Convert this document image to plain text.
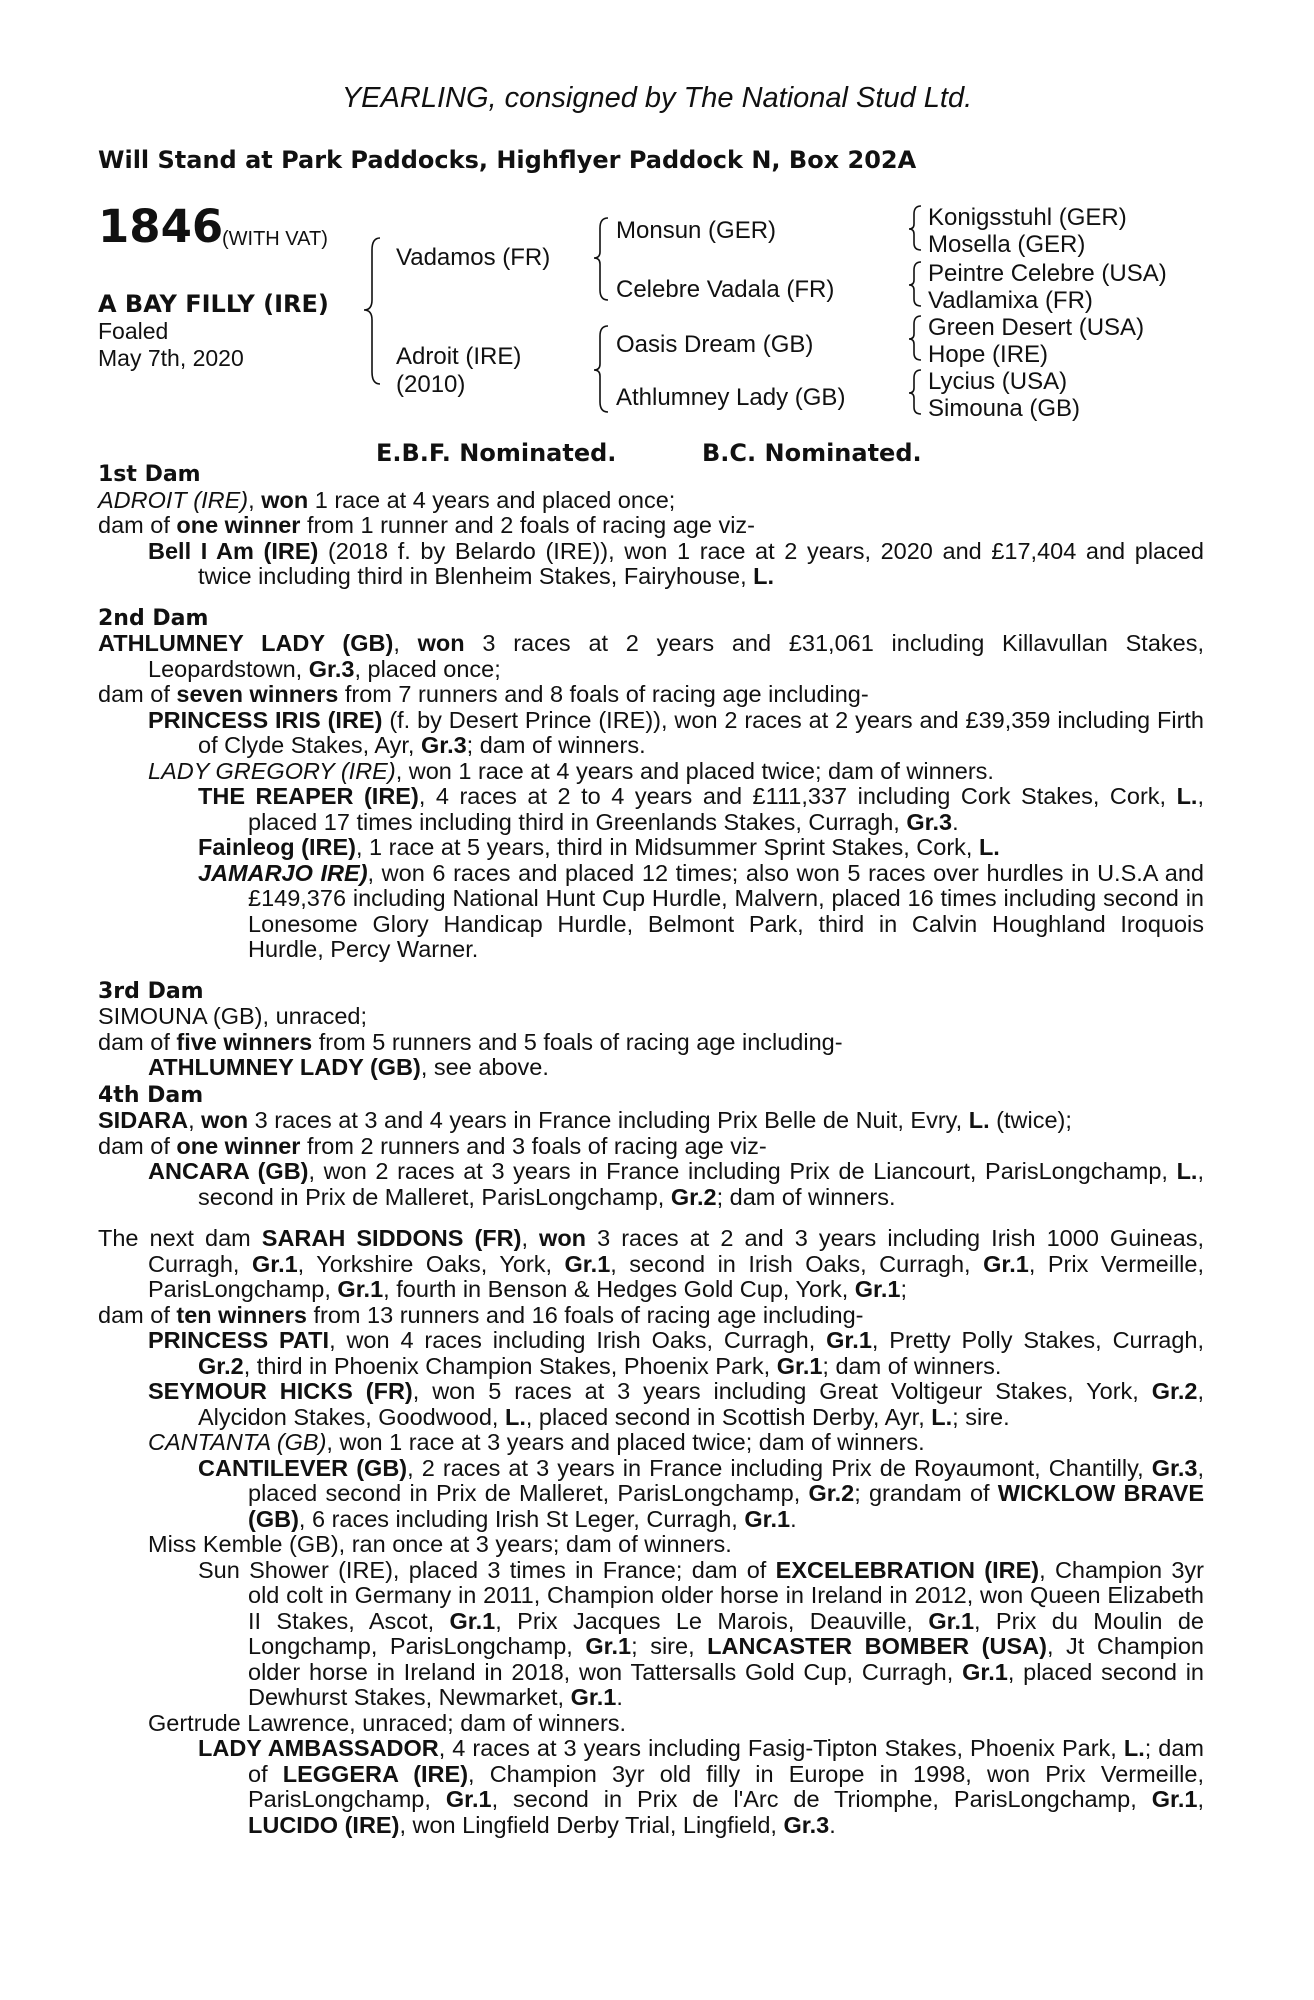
YEARLING, consigned by The National Stud Ltd.
Will Stand at Park Paddocks, Highflyer Paddock N, Box 202A
1846
(WITH VAT)
A BAY FILLY (IRE)
Foaled
May 7th, 2020
Vadamos (FR)
Adroit (IRE)
(2010)
Monsun (GER)
Celebre Vadala (FR)
Oasis Dream (GB)
Athlumney Lady (GB)
Konigsstuhl (GER)
Mosella (GER)
Peintre Celebre (USA)
Vadlamixa (FR)
Green Desert (USA)
Hope (IRE)
Lycius (USA)
Simouna (GB)
E.B.F. Nominated.	B.C. Nominated.
1st Dam
ADROIT (IRE), won 1 race at 4 years and placed once;
dam of one winner from 1 runner and 2 foals of racing age viz-
Bell I Am (IRE) (2018 f. by Belardo (IRE)), won 1 race at 2 years, 2020 and £17,404 and placed twice including third in Blenheim Stakes, Fairyhouse, L.
2nd Dam
ATHLUMNEY LADY (GB), won 3 races at 2 years and £31,061 including Killavullan Stakes, Leopardstown, Gr.3, placed once;
dam of seven winners from 7 runners and 8 foals of racing age including-
PRINCESS IRIS (IRE) (f. by Desert Prince (IRE)), won 2 races at 2 years and £39,359 including Firth of Clyde Stakes, Ayr, Gr.3; dam of winners.
LADY GREGORY (IRE), won 1 race at 4 years and placed twice; dam of winners.
THE REAPER (IRE), 4 races at 2 to 4 years and £111,337 including Cork Stakes, Cork, L., placed 17 times including third in Greenlands Stakes, Curragh, Gr.3.
Fainleog (IRE), 1 race at 5 years, third in Midsummer Sprint Stakes, Cork, L.
JAMARJO IRE), won 6 races and placed 12 times; also won 5 races over hurdles in U.S.A and £149,376 including National Hunt Cup Hurdle, Malvern, placed 16 times including second in Lonesome Glory Handicap Hurdle, Belmont Park, third in Calvin Houghland Iroquois Hurdle, Percy Warner.
3rd Dam
SIMOUNA (GB), unraced;
dam of five winners from 5 runners and 5 foals of racing age including-
ATHLUMNEY LADY (GB), see above.
4th Dam
SIDARA, won 3 races at 3 and 4 years in France including Prix Belle de Nuit, Evry, L. (twice);
dam of one winner from 2 runners and 3 foals of racing age viz-
ANCARA (GB), won 2 races at 3 years in France including Prix de Liancourt, ParisLongchamp, L., second in Prix de Malleret, ParisLongchamp, Gr.2; dam of winners.
The next dam SARAH SIDDONS (FR), won 3 races at 2 and 3 years including Irish 1000 Guineas, Curragh, Gr.1, Yorkshire Oaks, York, Gr.1, second in Irish Oaks, Curragh, Gr.1, Prix Vermeille, ParisLongchamp, Gr.1, fourth in Benson & Hedges Gold Cup, York, Gr.1;
dam of ten winners from 13 runners and 16 foals of racing age including-
PRINCESS PATI, won 4 races including Irish Oaks, Curragh, Gr.1, Pretty Polly Stakes, Curragh, Gr.2, third in Phoenix Champion Stakes, Phoenix Park, Gr.1; dam of winners.
SEYMOUR HICKS (FR), won 5 races at 3 years including Great Voltigeur Stakes, York, Gr.2, Alycidon Stakes, Goodwood, L., placed second in Scottish Derby, Ayr, L.; sire.
CANTANTA (GB), won 1 race at 3 years and placed twice; dam of winners.
CANTILEVER (GB), 2 races at 3 years in France including Prix de Royaumont, Chantilly, Gr.3, placed second in Prix de Malleret, ParisLongchamp, Gr.2; grandam of WICKLOW BRAVE (GB), 6 races including Irish St Leger, Curragh, Gr.1.
Miss Kemble (GB), ran once at 3 years; dam of winners.
Sun Shower (IRE), placed 3 times in France; dam of EXCELEBRATION (IRE), Champion 3yr old colt in Germany in 2011, Champion older horse in Ireland in 2012, won Queen Elizabeth II Stakes, Ascot, Gr.1, Prix Jacques Le Marois, Deauville, Gr.1, Prix du Moulin de Longchamp, ParisLongchamp, Gr.1; sire, LANCASTER BOMBER (USA), Jt Champion older horse in Ireland in 2018, won Tattersalls Gold Cup, Curragh, Gr.1, placed second in Dewhurst Stakes, Newmarket, Gr.1.
Gertrude Lawrence, unraced; dam of winners.
LADY AMBASSADOR, 4 races at 3 years including Fasig-Tipton Stakes, Phoenix Park, L.; dam of LEGGERA (IRE), Champion 3yr old filly in Europe in 1998, won Prix Vermeille, ParisLongchamp, Gr.1, second in Prix de l'Arc de Triomphe, ParisLongchamp, Gr.1, LUCIDO (IRE), won Lingfield Derby Trial, Lingfield, Gr.3.
